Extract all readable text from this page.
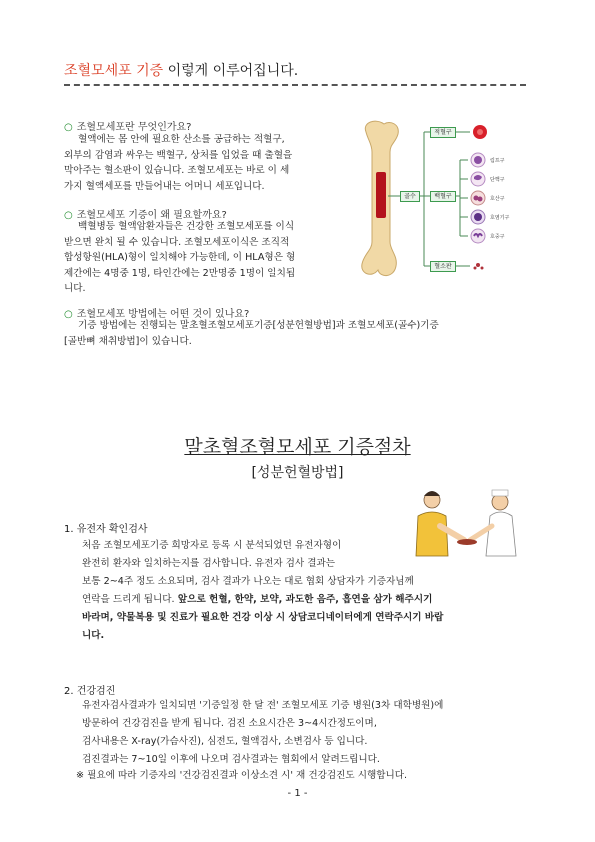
조혈모세포 기증 이렇게 이루어집니다.
○ 조혈모세포란 무엇인가요?
혈액에는 몸 안에 필요한 산소를 공급하는 적혈구,
외부의 감염과 싸우는 백혈구, 상처를 입었을 때 출혈을
막아주는 혈소판이 있습니다. 조혈모세포는 바로 이 세
가지 혈액세포를 만들어내는 어머니 세포입니다.
○ 조혈모세포 기증이 왜 필요할까요?
백혈병등 혈액암환자들은 건강한 조혈모세포를 이식
받으면 완치 될 수 있습니다. 조혈모세포이식은 조직적
합성항원(HLA)형이 일치해야 가능한데, 이 HLA형은 형
제간에는 4명중 1명, 타인간에는 2만명중 1명이 일치됩
니다.
○ 조혈모세포 방법에는 어떤 것이 있나요?
기증 방법에는 진행되는 말초혈조혈모세포기증[성분헌혈방법]과 조혈모세포(골수)기증
[골반뼈 채취방법]이 있습니다.
골수
적혈구
백혈구
혈소판
림프구
단핵구
호산구
호염기구
호중구
말초혈조혈모세포 기증절차
[성분헌혈방법]
1. 유전자 확인검사
처음 조혈모세포기증 희망자로 등록 시 분석되었던 유전자형이
완전히 환자와 일치하는지를 검사합니다. 유전자 검사 결과는
보통 2~4주 정도 소요되며, 검사 결과가 나오는 대로 협회 상담자가 기증자님께
연락을 드리게 됩니다. 앞으로 헌혈, 한약, 보약, 과도한 음주, 흡연을 삼가 해주시기
바라며, 약물복용 및 진료가 필요한 건강 이상 시 상담코디네이터에게 연락주시기 바랍
니다.
2. 건강검진
유전자검사결과가 일치되면 '기증일정 한 달 전' 조혈모세포 기증 병원(3차 대학병원)에
방문하여 건강검진을 받게 됩니다. 검진 소요시간은 3~4시간정도이며,
검사내용은 X-ray(가슴사진), 심전도, 혈액검사, 소변검사 등 입니다.
검진결과는 7~10일 이후에 나오며 검사결과는 협회에서 알려드립니다.
※ 필요에 따라 기증자의 '건강검진결과 이상소견 시' 재 건강검진도 시행합니다.
- 1 -
